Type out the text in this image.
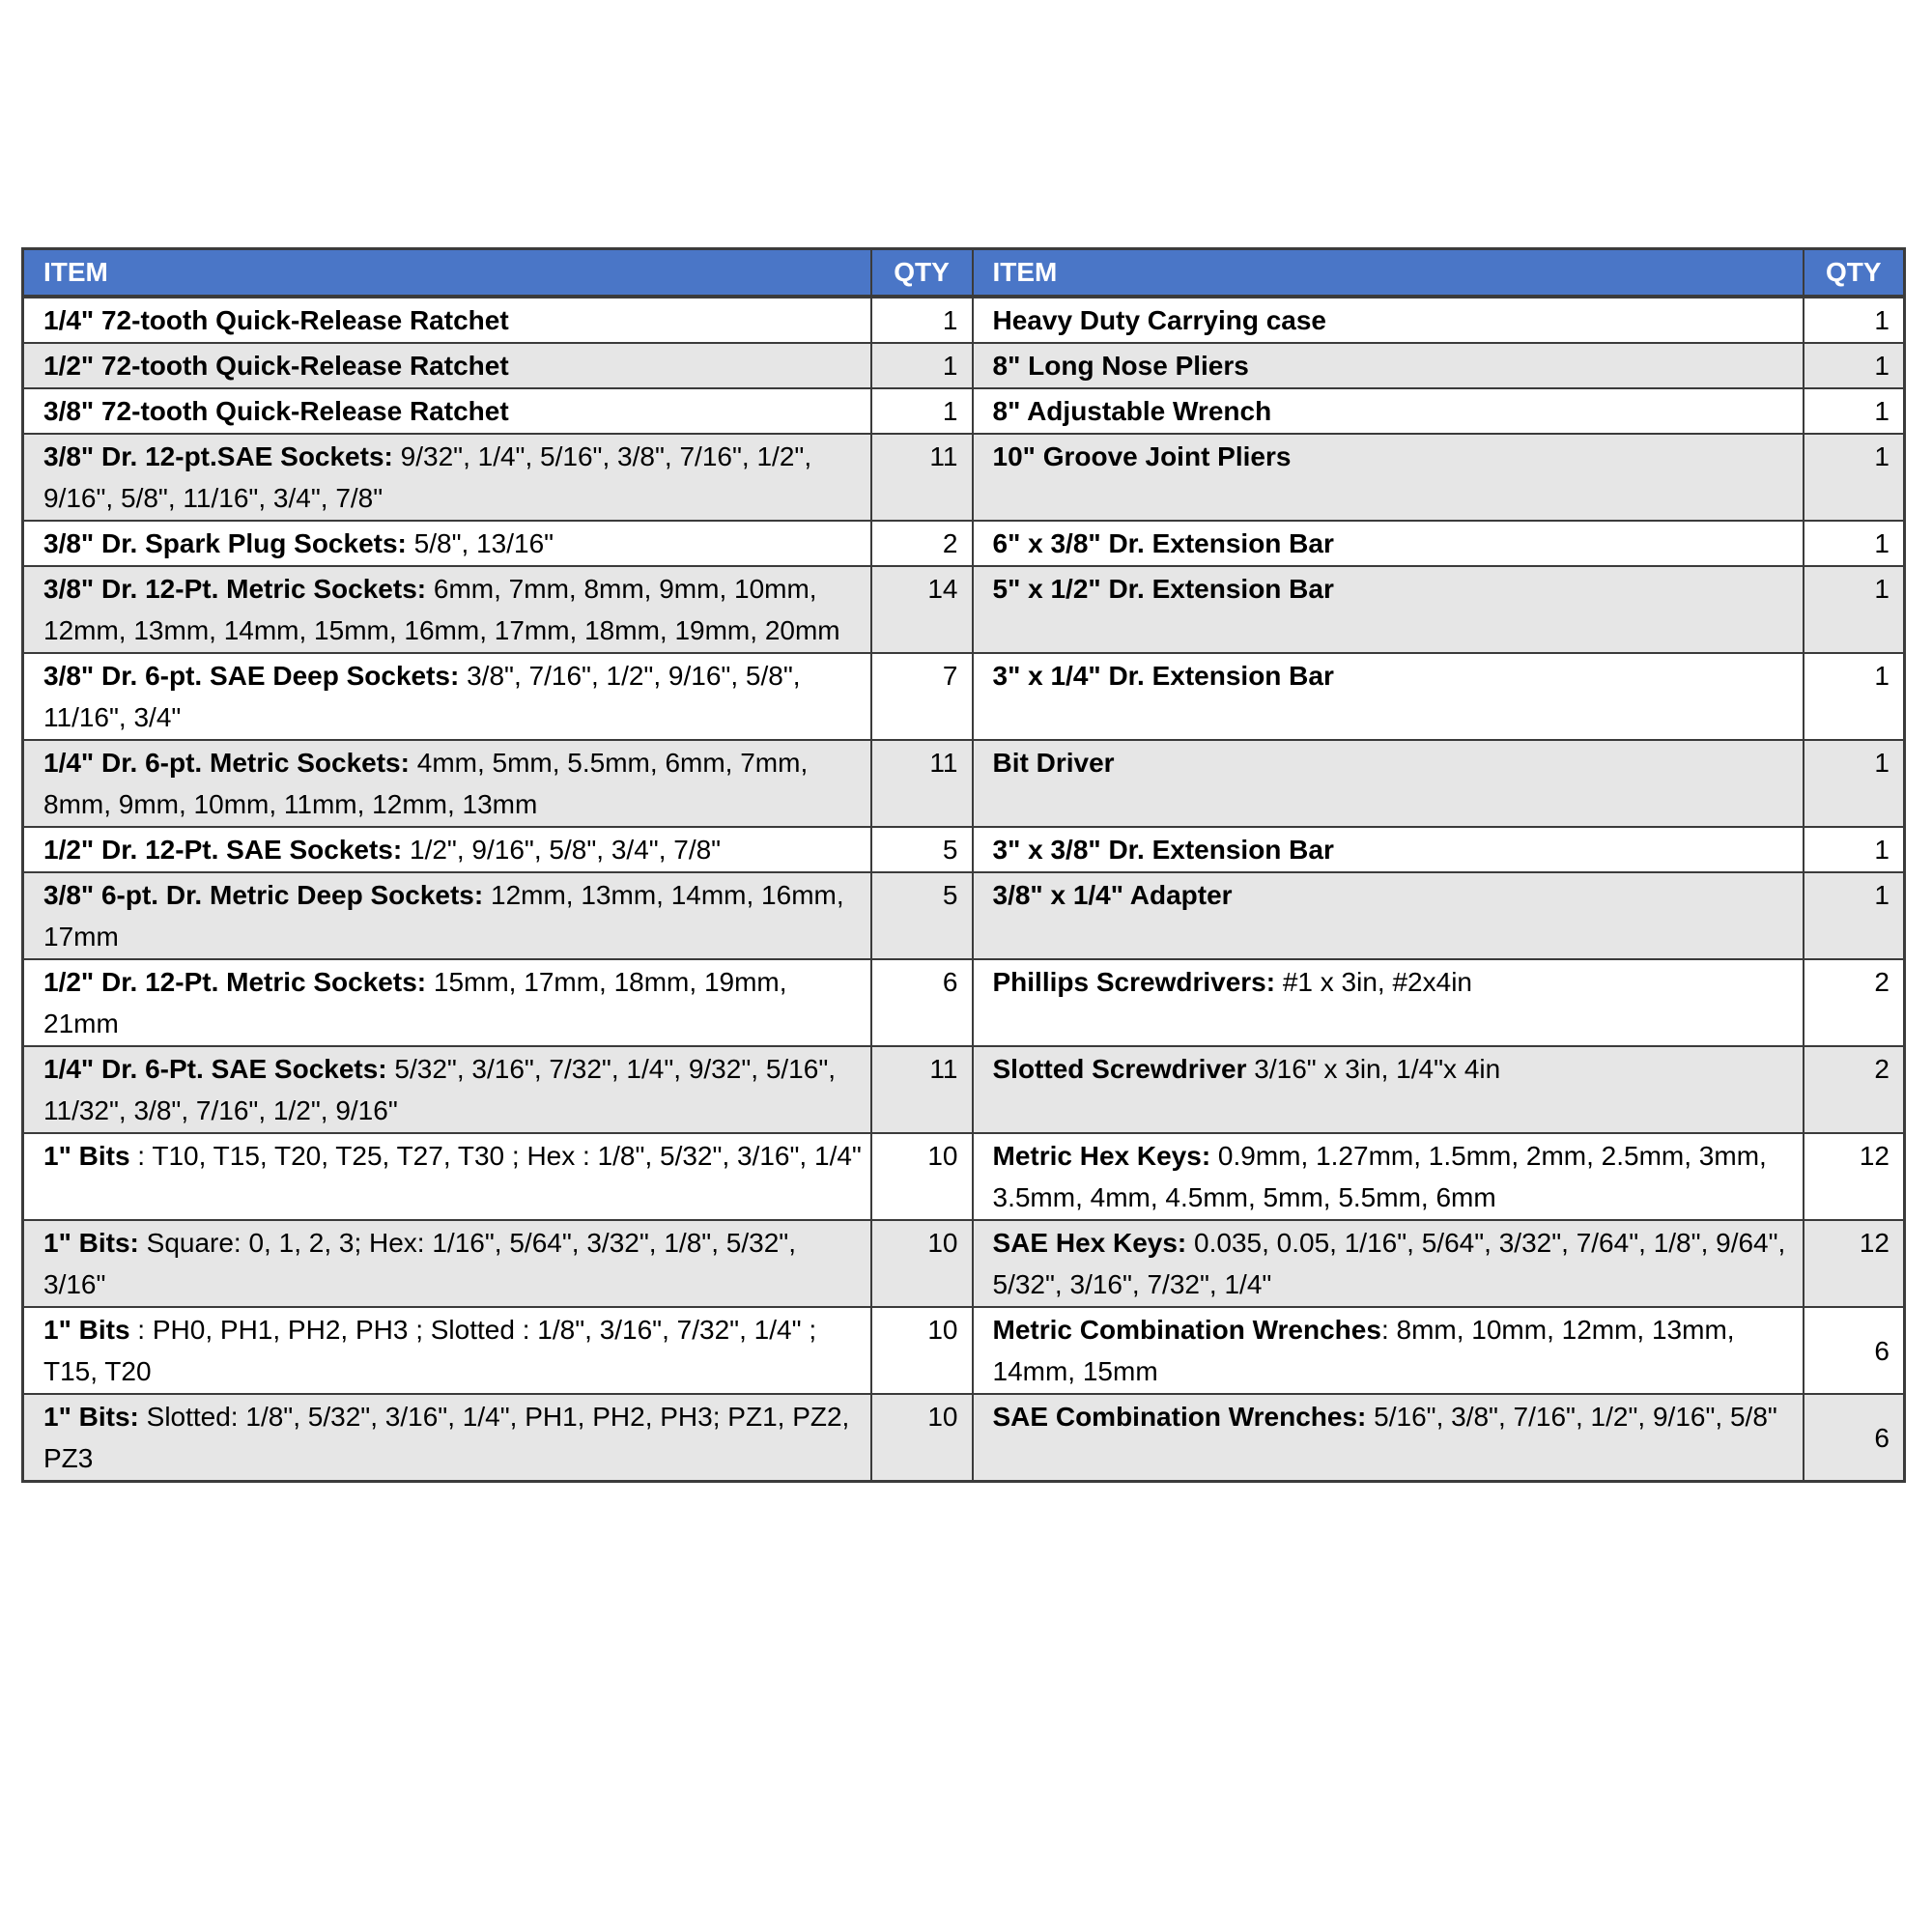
ITEM	QTY	ITEM	QTY
1/4" 72-tooth Quick-Release Ratchet	1	Heavy Duty Carrying case	1
1/2" 72-tooth Quick-Release Ratchet	1	8" Long Nose Pliers	1
3/8" 72-tooth Quick-Release Ratchet	1	8" Adjustable Wrench	1
3/8" Dr. 12-pt.SAE Sockets: 9/32", 1/4", 5/16", 3/8", 7/16", 1/2", 9/16", 5/8", 11/16", 3/4", 7/8"	11	10" Groove Joint Pliers	1
3/8" Dr. Spark Plug Sockets: 5/8", 13/16"	2	6" x 3/8" Dr. Extension Bar	1
3/8" Dr. 12-Pt. Metric Sockets: 6mm, 7mm, 8mm, 9mm, 10mm, 12mm, 13mm, 14mm, 15mm, 16mm, 17mm, 18mm, 19mm, 20mm	14	5" x 1/2" Dr. Extension Bar	1
3/8" Dr. 6-pt. SAE Deep Sockets: 3/8", 7/16", 1/2", 9/16", 5/8", 11/16", 3/4"	7	3" x 1/4" Dr. Extension Bar	1
1/4" Dr. 6-pt. Metric Sockets: 4mm, 5mm, 5.5mm, 6mm, 7mm, 8mm, 9mm, 10mm, 11mm, 12mm, 13mm	11	Bit Driver	1
1/2" Dr. 12-Pt. SAE Sockets: 1/2", 9/16", 5/8", 3/4", 7/8"	5	3" x 3/8" Dr. Extension Bar	1
3/8" 6-pt. Dr. Metric Deep Sockets: 12mm, 13mm, 14mm, 16mm, 17mm	5	3/8" x 1/4" Adapter	1
1/2" Dr. 12-Pt. Metric Sockets: 15mm, 17mm, 18mm, 19mm, 21mm	6	Phillips Screwdrivers: #1 x 3in, #2x4in	2
1/4" Dr. 6-Pt. SAE Sockets: 5/32", 3/16", 7/32", 1/4", 9/32", 5/16", 11/32", 3/8", 7/16", 1/2", 9/16"	11	Slotted Screwdriver 3/16" x 3in, 1/4"x 4in	2
1" Bits : T10, T15, T20, T25, T27, T30 ; Hex : 1/8", 5/32", 3/16", 1/4"	10	Metric Hex Keys: 0.9mm, 1.27mm, 1.5mm, 2mm, 2.5mm, 3mm, 3.5mm, 4mm, 4.5mm, 5mm, 5.5mm, 6mm	12
1" Bits: Square: 0, 1, 2, 3; Hex: 1/16", 5/64", 3/32", 1/8", 5/32", 3/16"	10	SAE Hex Keys: 0.035, 0.05, 1/16", 5/64", 3/32", 7/64", 1/8", 9/64", 5/32", 3/16", 7/32", 1/4"	12
1" Bits : PH0, PH1, PH2, PH3 ; Slotted : 1/8", 3/16", 7/32", 1/4" ; T15, T20	10	Metric Combination Wrenches: 8mm, 10mm, 12mm, 13mm, 14mm, 15mm	6
1" Bits: Slotted: 1/8", 5/32", 3/16", 1/4", PH1, PH2, PH3; PZ1, PZ2, PZ3	10	SAE Combination Wrenches: 5/16", 3/8", 7/16", 1/2", 9/16", 5/8"	6
